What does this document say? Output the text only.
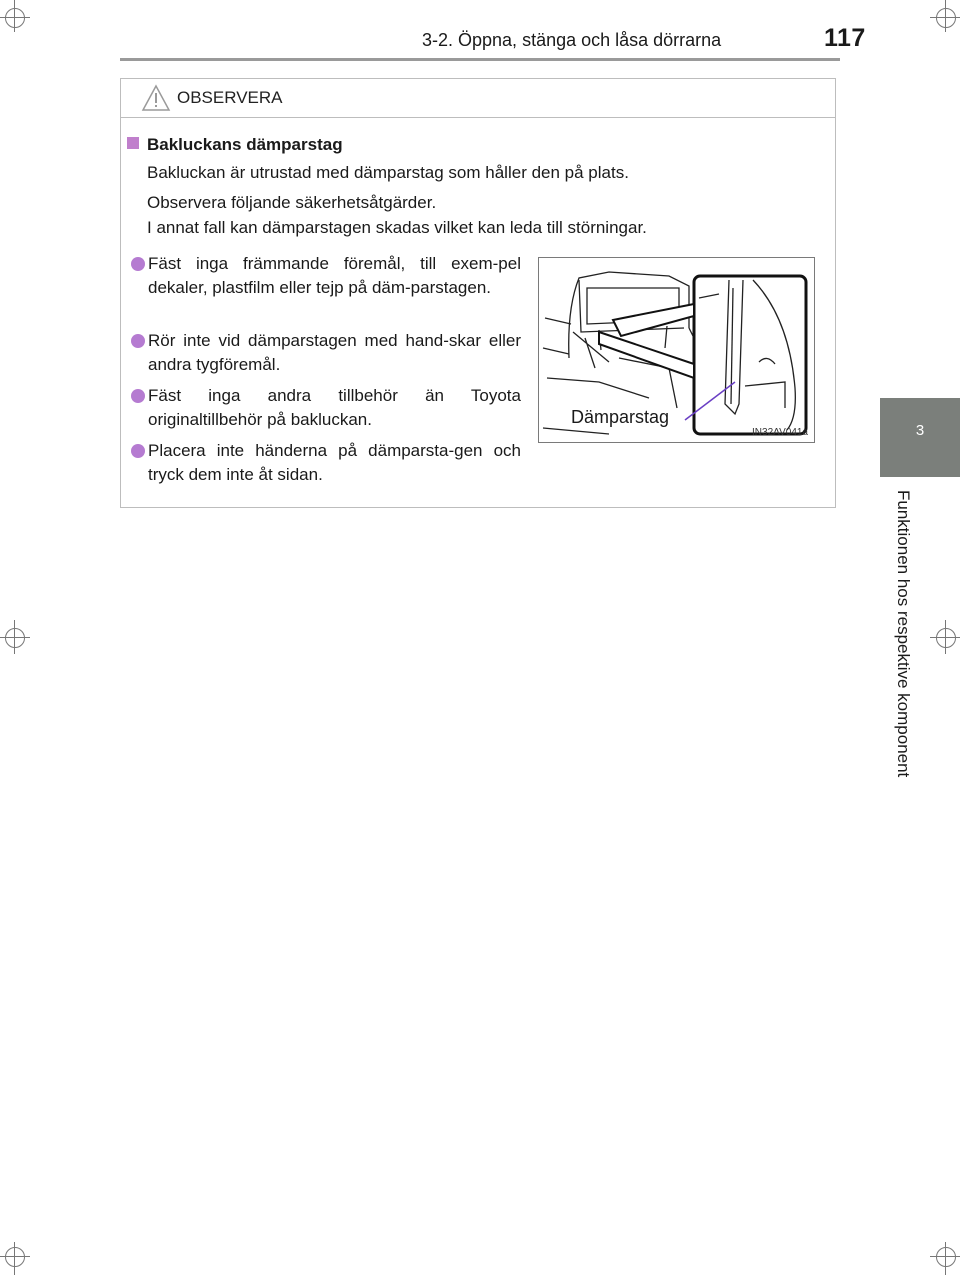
3-2. Öppna, stänga och låsa dörrarna	117
3
Funktionen hos respektive komponent
OBSERVERA
Bakluckans dämparstag
Bakluckan är utrustad med dämparstag som håller den på plats.
Observera följande säkerhetsåtgärder.
I annat fall kan dämparstagen skadas vilket kan leda till störningar.
Fäst inga främmande föremål, till exem-pel dekaler, plastfilm eller tejp på däm-parstagen.
Rör inte vid dämparstagen med hand-skar eller andra tygföremål.
Fäst inga andra tillbehör än Toyota originaltillbehör på bakluckan.
Placera inte händerna på dämparsta-gen och tryck dem inte åt sidan.
Dämparstag
IN32AV041a
